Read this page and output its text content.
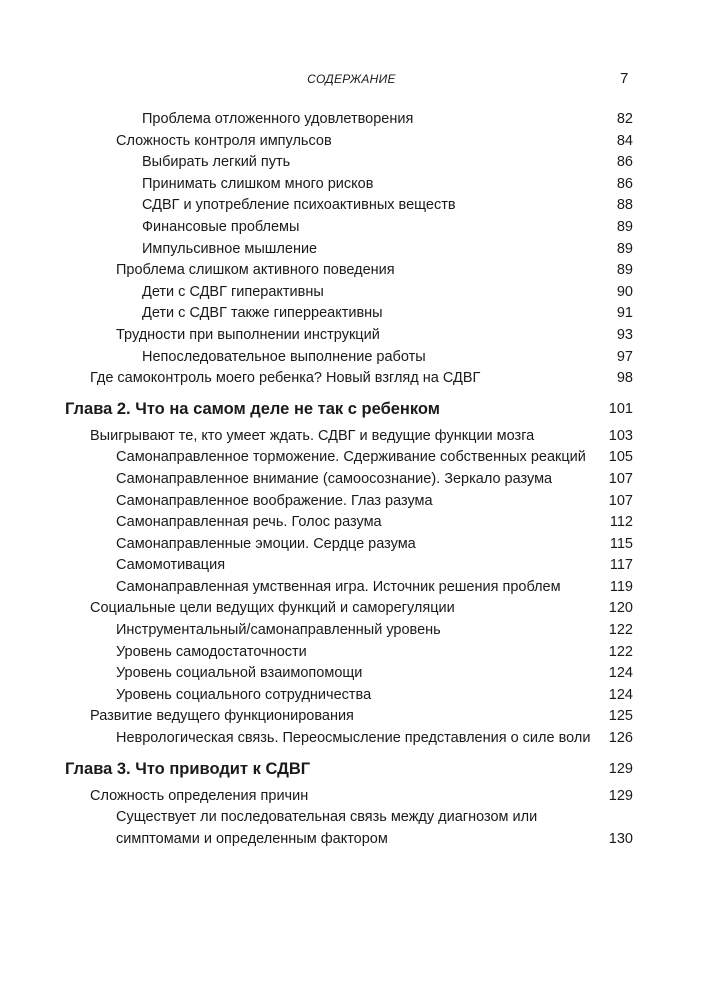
СОДЕРЖАНИЕ	7
Проблема отложенного удовлетворения	82
Сложность контроля импульсов	84
Выбирать легкий путь	86
Принимать слишком много рисков	86
СДВГ и употребление психоактивных веществ	88
Финансовые проблемы	89
Импульсивное мышление	89
Проблема слишком активного поведения	89
Дети с СДВГ гиперактивны	90
Дети с СДВГ также гиперреактивны	91
Трудности при выполнении инструкций	93
Непоследовательное выполнение работы	97
Где самоконтроль моего ребенка? Новый взгляд на СДВГ	98
Глава 2. Что на самом деле не так с ребенком	101
Выигрывают те, кто умеет ждать. СДВГ и ведущие функции мозга	103
Самонаправленное торможение. Сдерживание собственных реакций	105
Самонаправленное внимание (самоосознание). Зеркало разума	107
Самонаправленное воображение. Глаз разума	107
Самонаправленная речь. Голос разума	112
Самонаправленные эмоции. Сердце разума	115
Самомотивация	117
Самонаправленная умственная игра. Источник решения проблем	119
Социальные цели ведущих функций и саморегуляции	120
Инструментальный/самонаправленный уровень	122
Уровень самодостаточности	122
Уровень социальной взаимопомощи	124
Уровень социального сотрудничества	124
Развитие ведущего функционирования	125
Неврологическая связь. Переосмысление представления о силе воли	126
Глава 3. Что приводит к СДВГ	129
Сложность определения причин	129
Существует ли последовательная связь между диагнозом или симптомами и определенным фактором	130
